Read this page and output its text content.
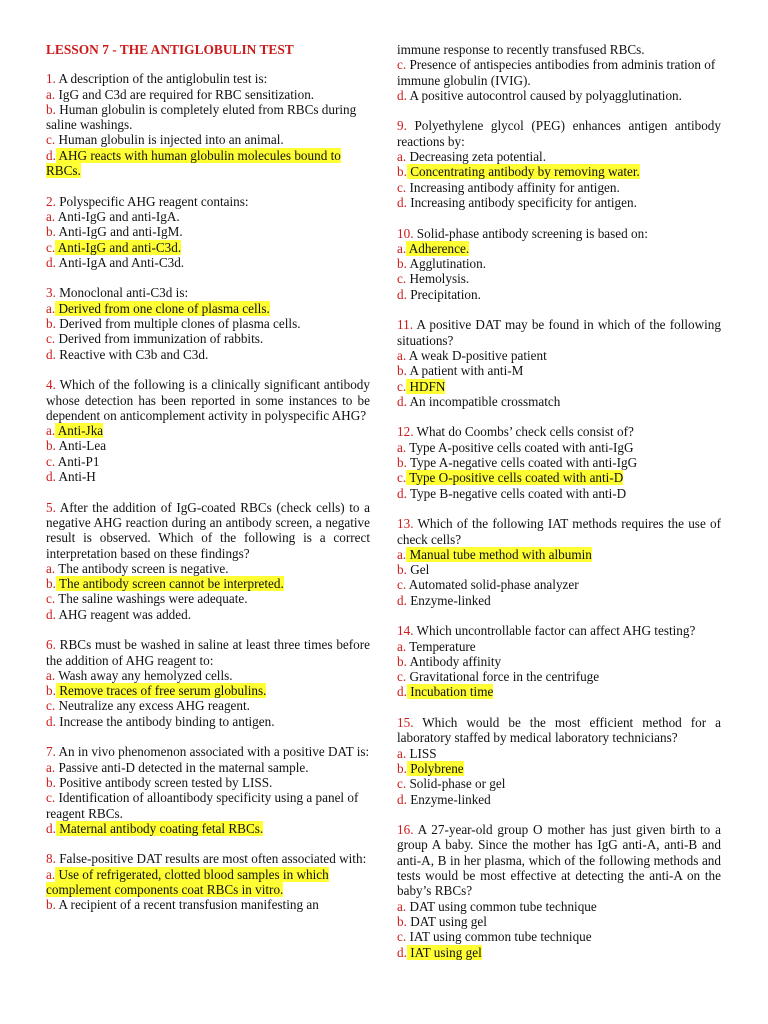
LESSON 7 - THE ANTIGLOBULIN TEST
1. A description of the antiglobulin test is:
a. IgG and C3d are required for RBC sensitization.
b. Human globulin is completely eluted from RBCs during saline washings.
c. Human globulin is injected into an animal.
d. AHG reacts with human globulin molecules bound to RBCs.
2. Polyspecific AHG reagent contains:
a. Anti-IgG and anti-IgA.
b. Anti-IgG and anti-IgM.
c. Anti-IgG and anti-C3d.
d. Anti-IgA and Anti-C3d.
3. Monoclonal anti-C3d is:
a. Derived from one clone of plasma cells.
b. Derived from multiple clones of plasma cells.
c. Derived from immunization of rabbits.
d. Reactive with C3b and C3d.
4. Which of the following is a clinically significant antibody whose detection has been reported in some instances to be dependent on anticomplement activity in polyspecific AHG?
a. Anti-Jka
b. Anti-Lea
c. Anti-P1
d. Anti-H
5. After the addition of IgG-coated RBCs (check cells) to a negative AHG reaction during an antibody screen, a negative result is observed. Which of the following is a correct interpretation based on these findings?
a. The antibody screen is negative.
b. The antibody screen cannot be interpreted.
c. The saline washings were adequate.
d. AHG reagent was added.
6. RBCs must be washed in saline at least three times before the addition of AHG reagent to:
a. Wash away any hemolyzed cells.
b. Remove traces of free serum globulins.
c. Neutralize any excess AHG reagent.
d. Increase the antibody binding to antigen.
7. An in vivo phenomenon associated with a positive DAT is:
a. Passive anti-D detected in the maternal sample.
b. Positive antibody screen tested by LISS.
c. Identification of alloantibody specificity using a panel of reagent RBCs.
d. Maternal antibody coating fetal RBCs.
8. False-positive DAT results are most often associated with:
a. Use of refrigerated, clotted blood samples in which complement components coat RBCs in vitro.
b. A recipient of a recent transfusion manifesting an
immune response to recently transfused RBCs.
c. Presence of antispecies antibodies from adminis tration of immune globulin (IVIG).
d. A positive autocontrol caused by polyagglutination.
9. Polyethylene glycol (PEG) enhances antigen antibody reactions by:
a. Decreasing zeta potential.
b. Concentrating antibody by removing water.
c. Increasing antibody affinity for antigen.
d. Increasing antibody specificity for antigen.
10. Solid-phase antibody screening is based on:
a. Adherence.
b. Agglutination.
c. Hemolysis.
d. Precipitation.
11. A positive DAT may be found in which of the following situations?
a. A weak D-positive patient
b. A patient with anti-M
c. HDFN
d. An incompatible crossmatch
12. What do Coombs’ check cells consist of?
a. Type A-positive cells coated with anti-IgG
b. Type A-negative cells coated with anti-IgG
c. Type O-positive cells coated with anti-D
d. Type B-negative cells coated with anti-D
13. Which of the following IAT methods requires the use of check cells?
a. Manual tube method with albumin
b. Gel
c. Automated solid-phase analyzer
d. Enzyme-linked
14. Which uncontrollable factor can affect AHG testing?
a. Temperature
b. Antibody affinity
c. Gravitational force in the centrifuge
d. Incubation time
15. Which would be the most efficient method for a laboratory staffed by medical laboratory technicians?
a. LISS
b. Polybrene
c. Solid-phase or gel
d. Enzyme-linked
16. A 27-year-old group O mother has just given birth to a group A baby. Since the mother has IgG anti-A, anti-B and anti-A, B in her plasma, which of the following methods and tests would be most effective at detecting the anti-A on the baby’s RBCs?
a. DAT using common tube technique
b. DAT using gel
c. IAT using common tube technique
d. IAT using gel
